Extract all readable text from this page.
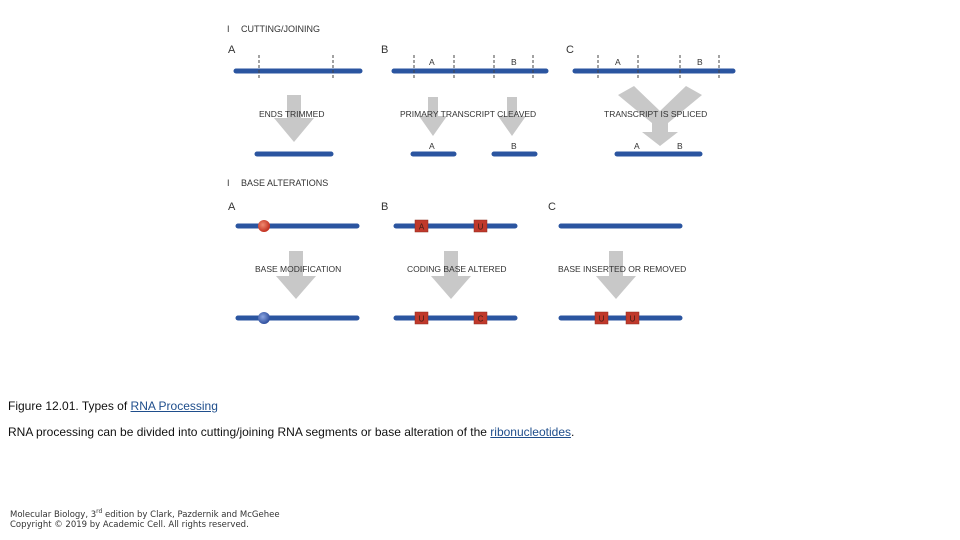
I CUTTING/JOINING
A
ENDS TRIMMED
B
A	B
PRIMARY TRANSCRIPT CLEAVED
A	B
C
A	B
TRANSCRIPT IS SPLICED
A	B
I BASE ALTERATIONS
A
BASE MODIFICATION
B
A	U
CODING BASE ALTERED
U	C
C
BASE INSERTED OR REMOVED
U	U
Figure 12.01. Types of RNA Processing
RNA processing can be divided into cutting/joining RNA segments or base alteration of the ribonucleotides.
Molecular Biology, 3rd edition by Clark, Pazdernik and McGehee
Copyright © 2019 by Academic Cell. All rights reserved.
